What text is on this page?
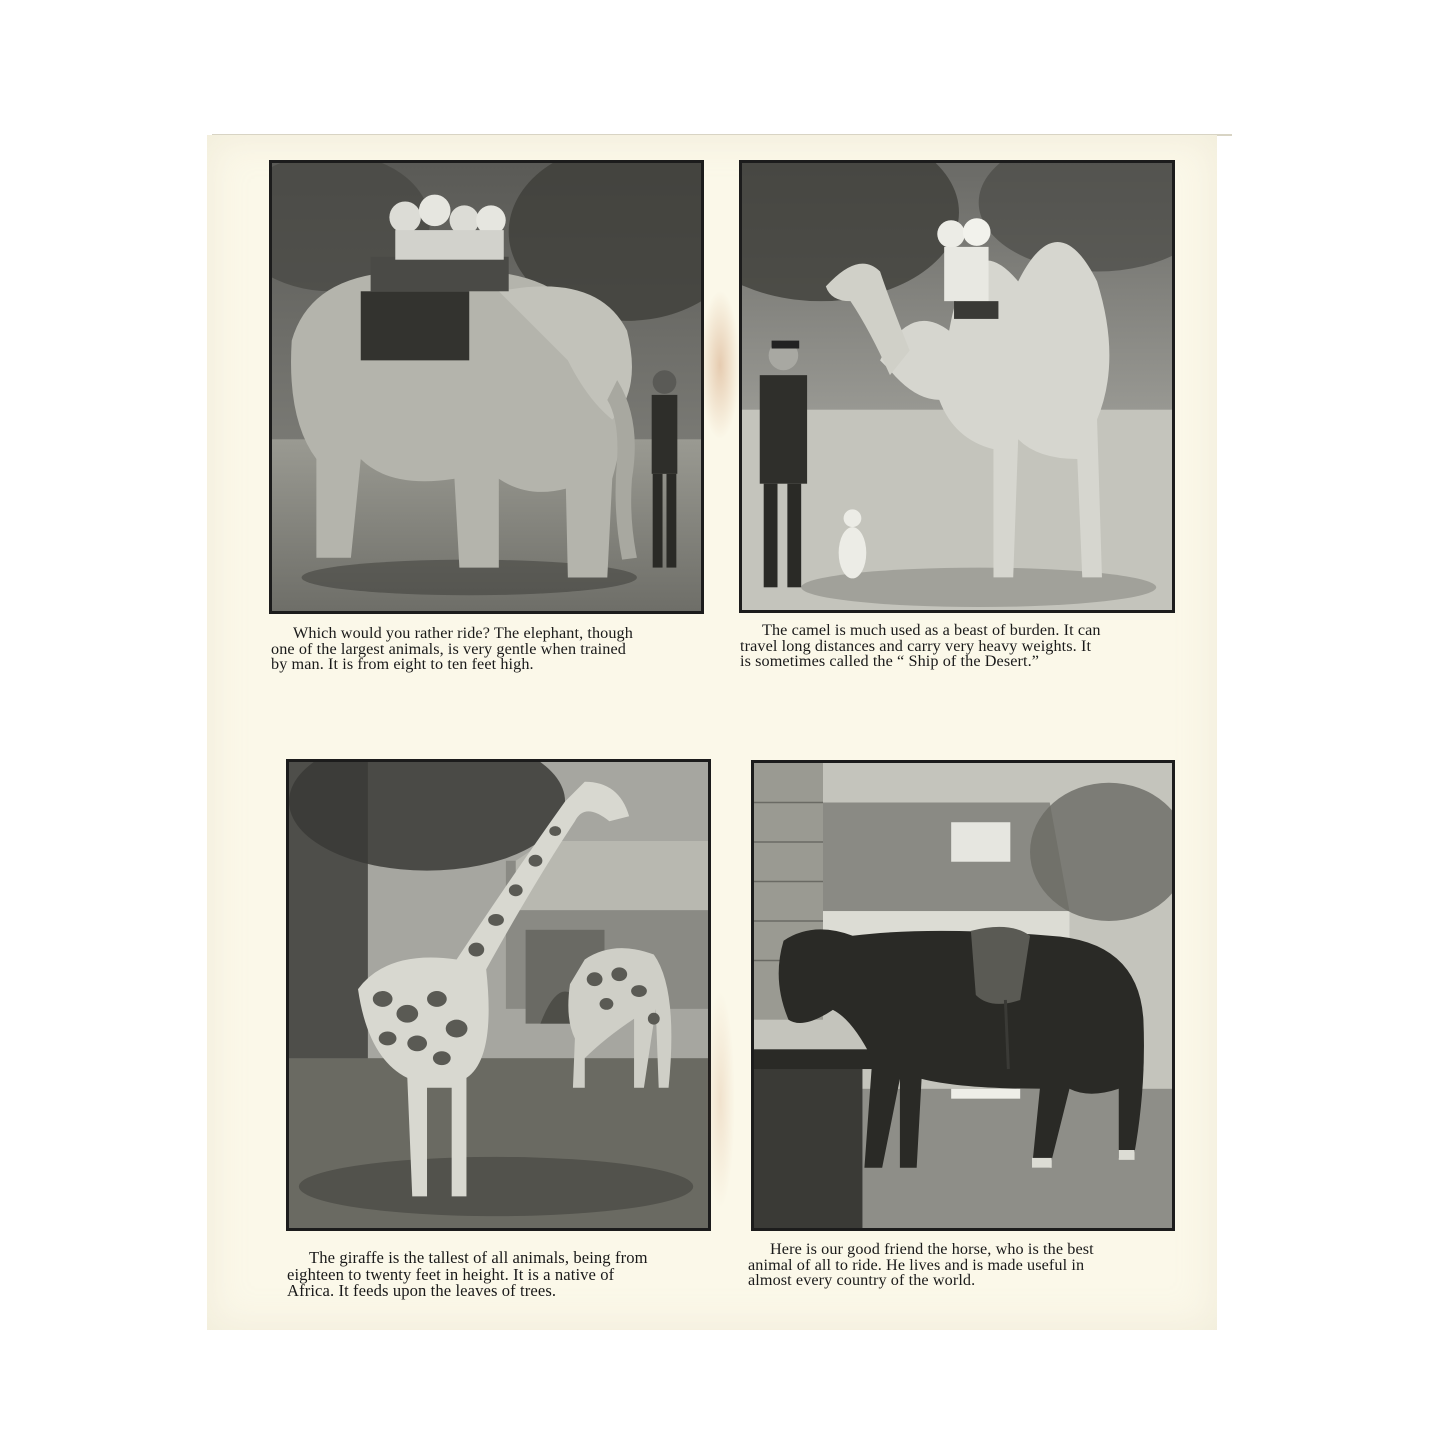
Which would you rather ride? The elephant, though
one of the largest animals, is very gentle when trained
by man. It is from eight to ten feet high.
The camel is much used as a beast of burden. It can
travel long distances and carry very heavy weights. It
is sometimes called the “ Ship of the Desert.”
The giraffe is the tallest of all animals, being from
eighteen to twenty feet in height. It is a native of
Africa. It feeds upon the leaves of trees.
Here is our good friend the horse, who is the best
animal of all to ride. He lives and is made useful in
almost every country of the world.
